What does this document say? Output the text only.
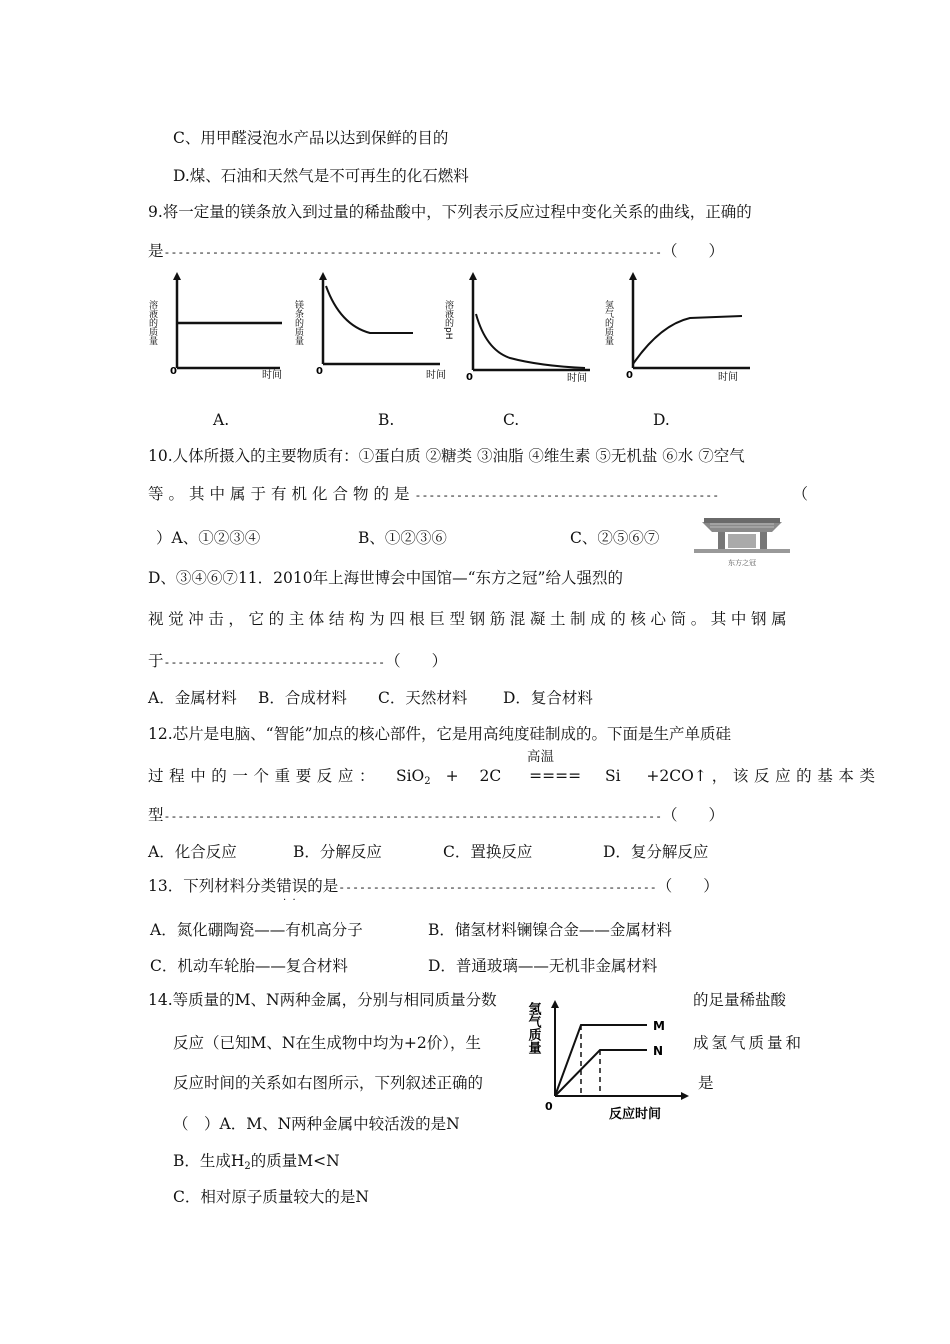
C、用甲醛浸泡水产品以达到保鲜的目的
D.煤、石油和天然气是不可再生的化石燃料
9.将一定量的镁条放入到过量的稀盐酸中，下列表示反应过程中变化关系的曲线，正确的
是------------------------------------------------------------------------（　　）
溶液的质量
0	时间
镁条的质量
0	时间
溶液的pH
0	时间
氢气的质量
0	时间
A.	B.	C.	D.
10.人体所摄入的主要物质有：①蛋白质 ②糖类 ③油脂 ④维生素 ⑤无机盐 ⑥水 ⑦空气
等。其中属于有机化合物的是--------------------------------------------	（
）A、①②③④	B、①②③⑥	C、②⑤⑥⑦
东方之冠
D、③④⑥⑦11．2010年上海世博会中国馆—“东方之冠”给人强烈的
视觉冲击，它的主体结构为四根巨型钢筋混凝土制成的核心筒。其中钢属
于--------------------------------（　　）
A．金属材料 B．合成材料 C．天然材料 D．复合材料
12.芯片是电脑、“智能”加点的核心部件，它是用高纯度硅制成的。下面是生产单质硅
高温
过程中的一个重要反应： SiO$_2$ + 2C ==== Si +2CO↑ ，该反应的基本类
型------------------------------------------------------------------------（　　）
A．化合反应	B．分解反应	C．置换反应	D．复分解反应
13．下列材料分类错误的是----------------------------------------------（　　）
·  ·
A．氮化硼陶瓷——有机高分子	B．储氢材料镧镍合金——金属材料
C．机动车轮胎——复合材料	D．普通玻璃——无机非金属材料
14.等质量的M、N两种金属，分别与相同质量分数	的足量稀盐酸
反应（已知M、N在生成物中均为+2价），生	成氢气质量和
反应时间的关系如右图所示，下列叙述正确的	是
氢气质量	M
N
0
反应时间
（　）A．M、N两种金属中较活泼的是N
B．生成$H_2$的质量M<N
C．相对原子质量较大的是N
